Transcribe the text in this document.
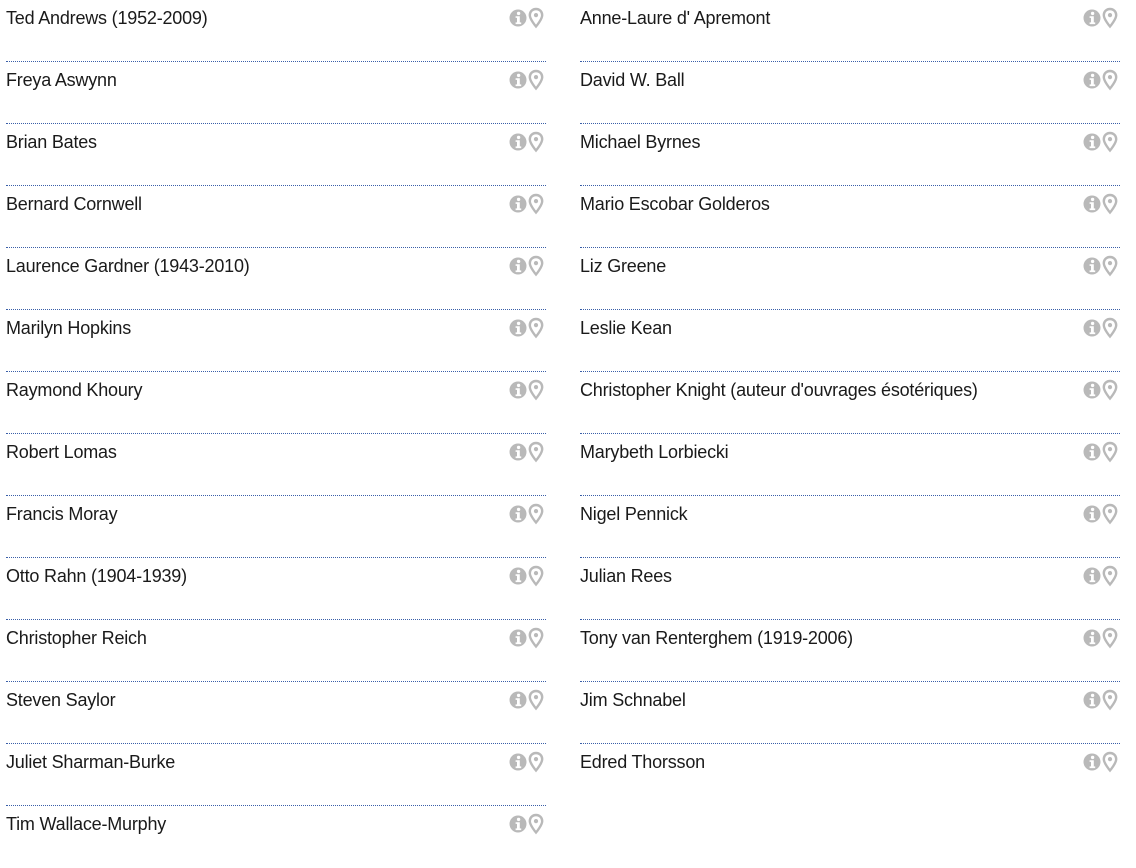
Ted Andrews (1952-2009)
Freya Aswynn
Brian Bates
Bernard Cornwell
Laurence Gardner (1943-2010)
Marilyn Hopkins
Raymond Khoury
Robert Lomas
Francis Moray
Otto Rahn (1904-1939)
Christopher Reich
Steven Saylor
Juliet Sharman-Burke
Tim Wallace-Murphy
Anne-Laure d' Apremont
David W. Ball
Michael Byrnes
Mario Escobar Golderos
Liz Greene
Leslie Kean
Christopher Knight (auteur d'ouvrages ésotériques)
Marybeth Lorbiecki
Nigel Pennick
Julian Rees
Tony van Renterghem (1919-2006)
Jim Schnabel
Edred Thorsson
